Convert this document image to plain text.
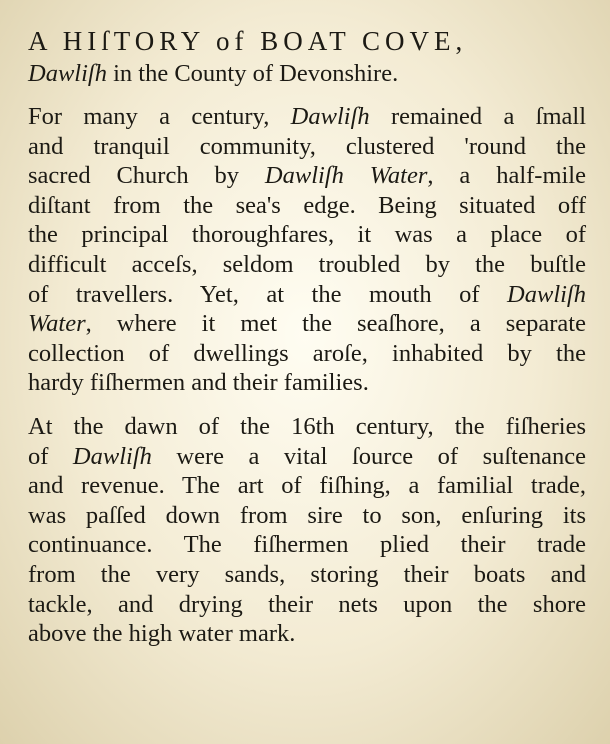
A HIſTORY of BOAT COVE,
Dawliſh in the County of Devonshire.

For many a century, Dawliſh remained a ſmall
and tranquil community, clustered 'round the
sacred Church by Dawliſh Water, a half-mile
diſtant from the sea's edge. Being situated off
the principal thoroughfares, it was a place of
difficult acceſs, seldom troubled by the buſtle
of travellers. Yet, at the mouth of Dawliſh
Water, where it met the seaſhore, a separate
collection of dwellings aroſe, inhabited by the
hardy fiſhermen and their families.

At the dawn of the 16th century, the fiſheries
of Dawliſh were a vital ſource of suſtenance
and revenue. The art of fiſhing, a familial trade,
was paſſed down from sire to son, enſuring its
continuance. The fiſhermen plied their trade
from the very sands, storing their boats and
tackle, and drying their nets upon the shore
above the high water mark.
